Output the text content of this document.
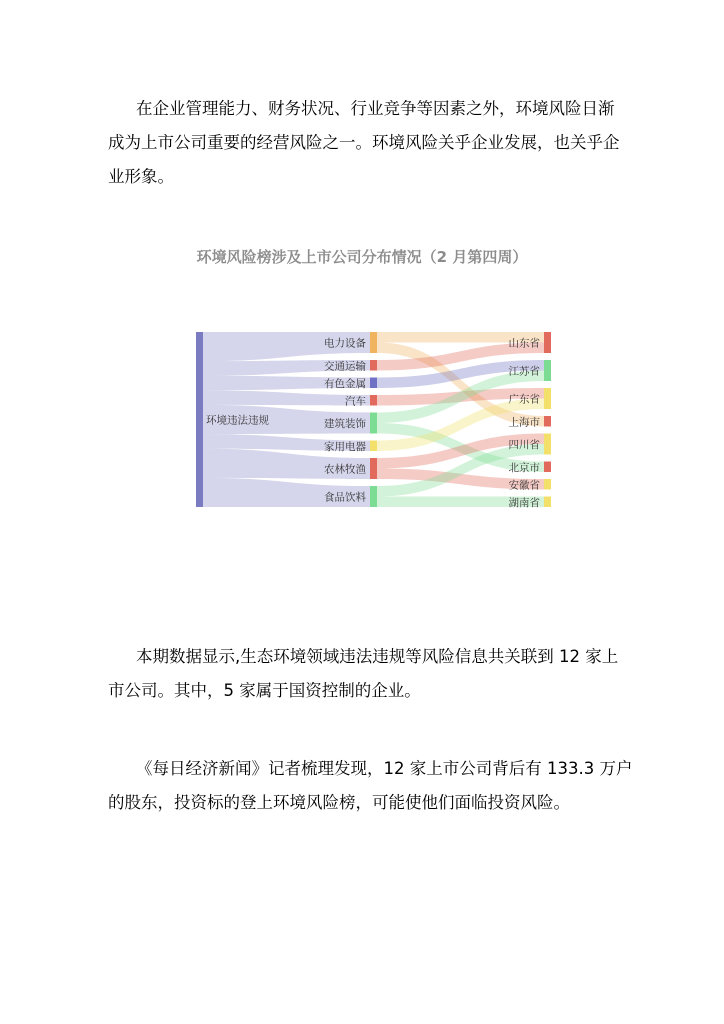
在企业管理能力、财务状况、行业竞争等因素之外，环境风险日渐
成为上市公司重要的经营风险之一。环境风险关乎企业发展，也关乎企
业形象。
环境风险榜涉及上市公司分布情况（2 月第四周）
环境违法违规
电力设备
交通运输
有色金属
汽车
建筑装饰
家用电器
农林牧渔
食品饮料
山东省
江苏省
广东省
上海市
四川省
北京市
安徽省
湖南省
本期数据显示,生态环境领域违法违规等风险信息共关联到 12 家上
市公司。其中，5 家属于国资控制的企业。
《每日经济新闻》记者梳理发现，12 家上市公司背后有 133.3 万户
的股东，投资标的登上环境风险榜，可能使他们面临投资风险。
